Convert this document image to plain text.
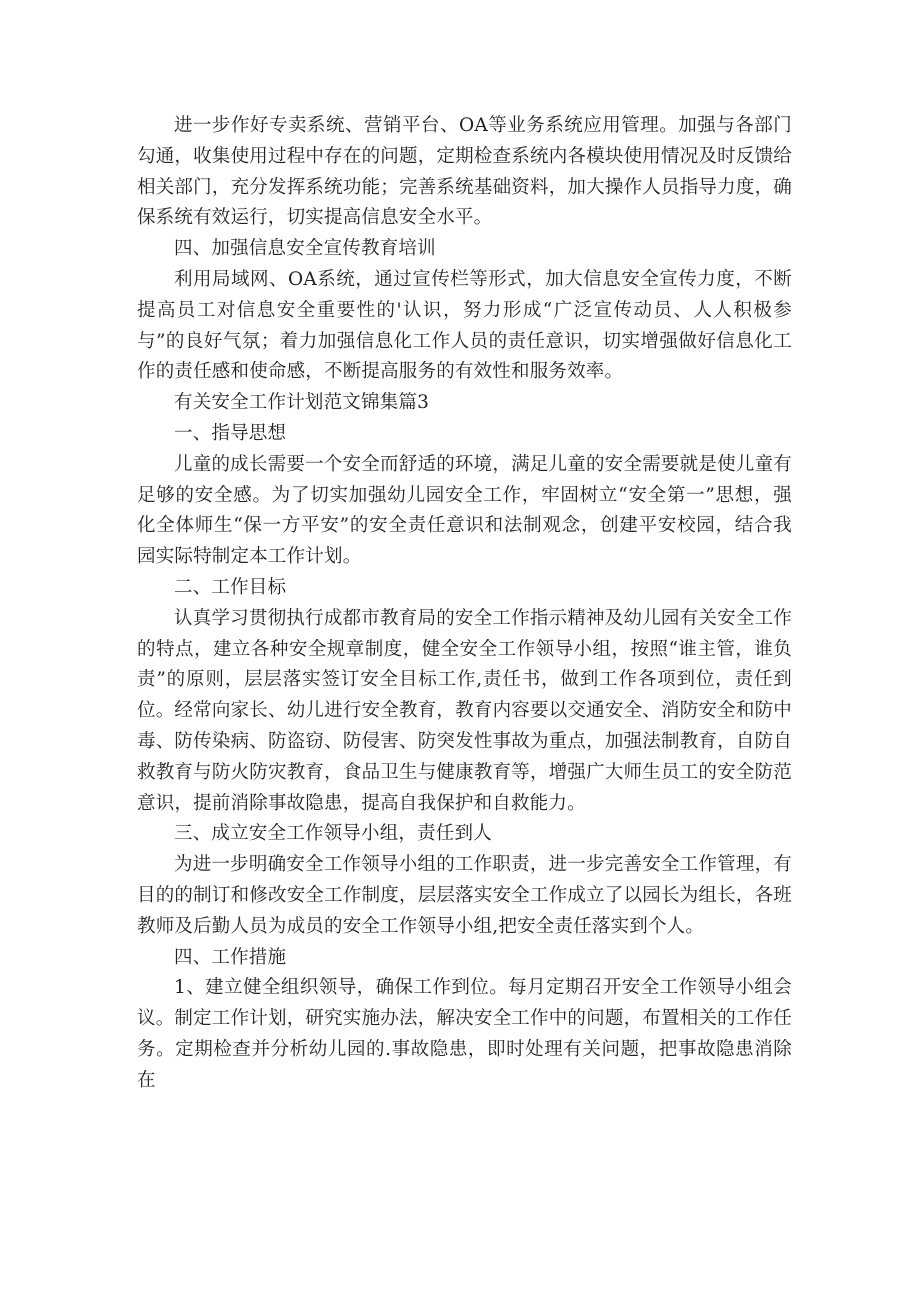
进一步作好专卖系统、营销平台、OA等业务系统应用管理。加强与各部门勾通，收集使用过程中存在的问题，定期检查系统内各模块使用情况及时反馈给相关部门，充分发挥系统功能；完善系统基础资料，加大操作人员指导力度，确保系统有效运行，切实提高信息安全水平。

四、加强信息安全宣传教育培训

利用局域网、OA系统，通过宣传栏等形式，加大信息安全宣传力度，不断提高员工对信息安全重要性的'认识，努力形成“广泛宣传动员、人人积极参与”的良好气氛；着力加强信息化工作人员的责任意识，切实增强做好信息化工作的责任感和使命感，不断提高服务的有效性和服务效率。

有关安全工作计划范文锦集篇3

一、指导思想

儿童的成长需要一个安全而舒适的环境，满足儿童的安全需要就是使儿童有足够的安全感。为了切实加强幼儿园安全工作，牢固树立“安全第一”思想，强化全体师生“保一方平安”的安全责任意识和法制观念，创建平安校园，结合我园实际特制定本工作计划。

二、工作目标

认真学习贯彻执行成都市教育局的安全工作指示精神及幼儿园有关安全工作的特点，建立各种安全规章制度，健全安全工作领导小组，按照“谁主管，谁负责”的原则，层层落实签订安全目标工作,责任书，做到工作各项到位，责任到位。经常向家长、幼儿进行安全教育，教育内容要以交通安全、消防安全和防中毒、防传染病、防盗窃、防侵害、防突发性事故为重点，加强法制教育，自防自救教育与防火防灾教育，食品卫生与健康教育等，增强广大师生员工的安全防范意识，提前消除事故隐患，提高自我保护和自救能力。

三、成立安全工作领导小组，责任到人

为进一步明确安全工作领导小组的工作职责，进一步完善安全工作管理，有目的的制订和修改安全工作制度，层层落实安全工作成立了以园长为组长，各班教师及后勤人员为成员的安全工作领导小组,把安全责任落实到个人。

四、工作措施

1、建立健全组织领导，确保工作到位。每月定期召开安全工作领导小组会议。制定工作计划，研究实施办法，解决安全工作中的问题，布置相关的工作任务。定期检查并分析幼儿园的.事故隐患，即时处理有关问题，把事故隐患消除在
